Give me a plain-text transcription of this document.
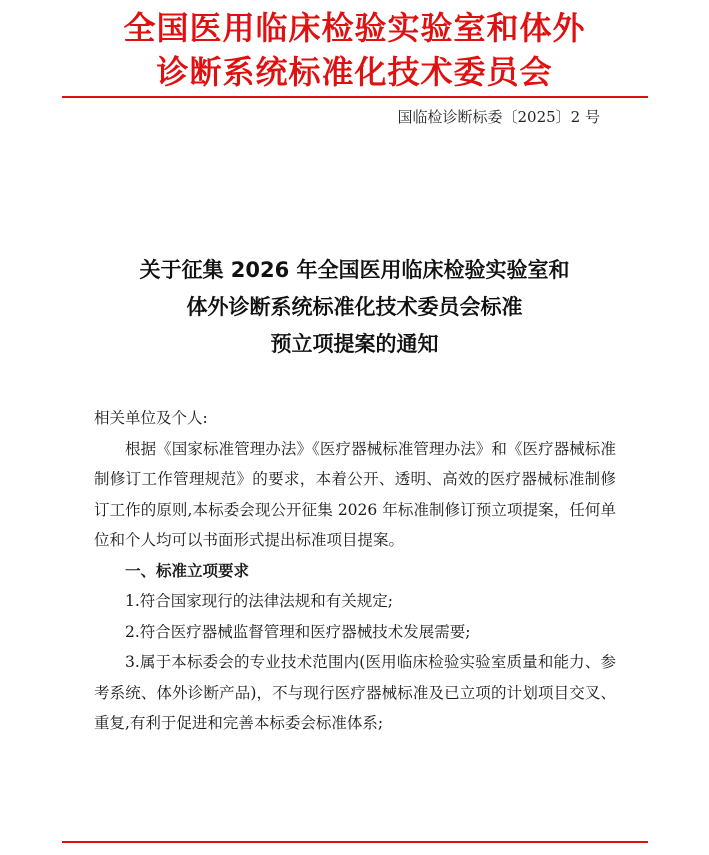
全国医用临床检验实验室和体外
诊断系统标准化技术委员会
国临检诊断标委〔2025〕2 号
关于征集 2026 年全国医用临床检验实验室和
体外诊断系统标准化技术委员会标准
预立项提案的通知

相关单位及个人:

根据《国家标准管理办法》《医疗器械标准管理办法》和《医疗器械标准制修订工作管理规范》的要求，本着公开、透明、高效的医疗器械标准制修订工作的原则,本标委会现公开征集 2026 年标准制修订预立项提案，任何单位和个人均可以书面形式提出标准项目提案。

一、标准立项要求

1.符合国家现行的法律法规和有关规定;

2.符合医疗器械监督管理和医疗器械技术发展需要;

3.属于本标委会的专业技术范围内(医用临床检验实验室质量和能力、参考系统、体外诊断产品)，不与现行医疗器械标准及已立项的计划项目交叉、重复,有利于促进和完善本标委会标准体系;
